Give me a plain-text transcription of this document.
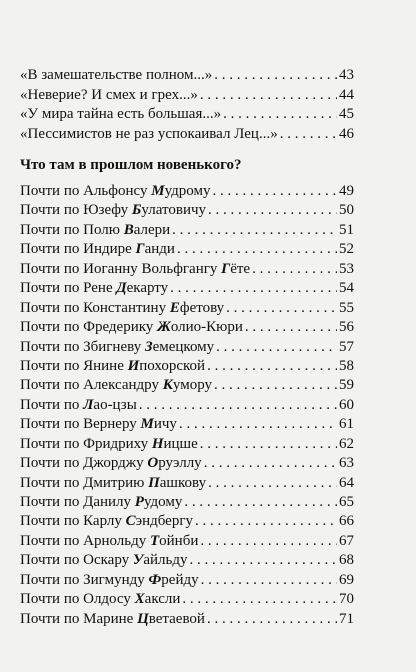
«В замешательстве полном...» . . .	43
«Неверие? И смех и грех...» . . .	44
«У мира тайна есть большая...» . . .	45
«Пессимистов не раз успокаивал Лец...» . . .	46
Что там в прошлом новенького?
Почти по Альфонсу Мудрому . . .	49
Почти по Юзефу Булатовичу . . .	50
Почти по Полю Валери . . .	51
Почти по Индире Ганди . . .	52
Почти по Иоганну Вольфгангу Гёте . . .	53
Почти по Рене Декарту . . .	54
Почти по Константину Ефетову . . .	55
Почти по Фредерику Жолио-Кюри . . .	56
Почти по Збигневу Земецкому . . .	57
Почти по Янине Ипохорской . . .	58
Почти по Александру Кумору . . .	59
Почти по Лао-цзы . . .	60
Почти по Вернеру Мичу . . .	61
Почти по Фридриху Ницше . . .	62
Почти по Джорджу Оруэллу . . .	63
Почти по Дмитрию Пашкову . . .	64
Почти по Данилу Рудому . . .	65
Почти по Карлу Сэндбергу . . .	66
Почти по Арнольду Тойнби . . .	67
Почти по Оскару Уайльду . . .	68
Почти по Зигмунду Фрейду . . .	69
Почти по Олдосу Хаксли . . .	70
Почти по Марине Цветаевой . . .	71
